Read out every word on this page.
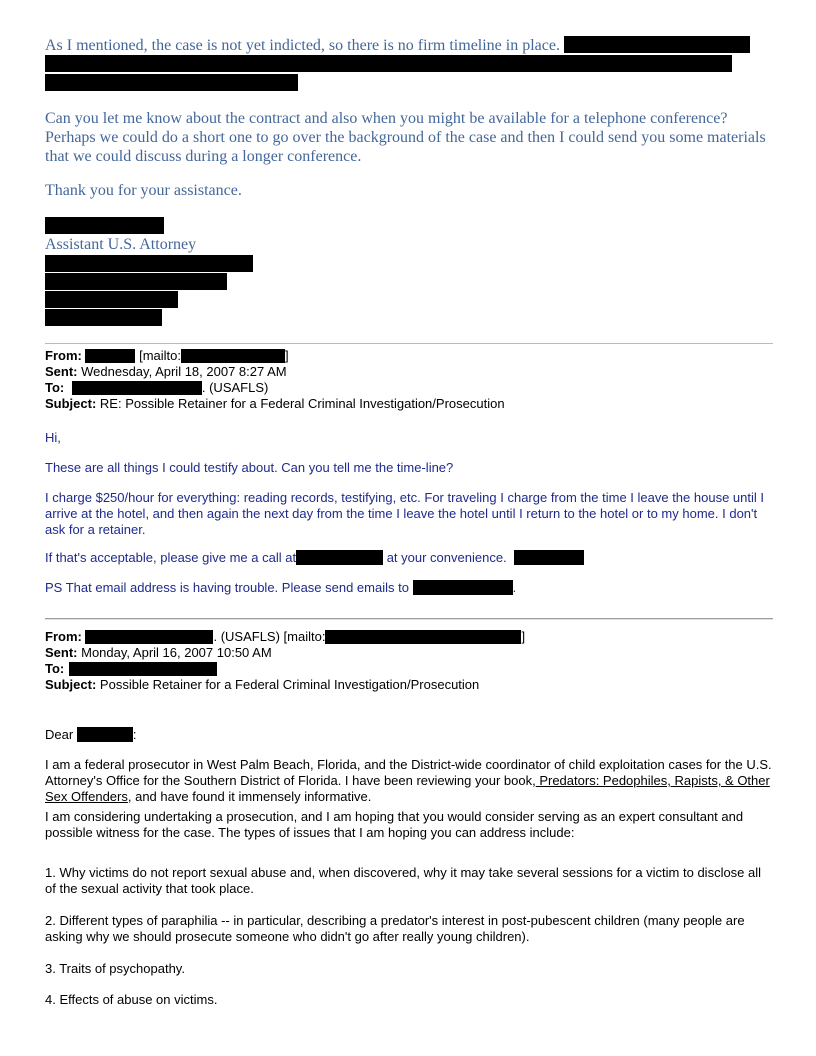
As I mentioned, the case is not yet indicted, so there is no firm timeline in place.

Can you let me know about the contract and also when you might be available for a telephone conference? Perhaps we could do a short one to go over the background of the case and then I could send you some materials that we could discuss during a longer conference.

Thank you for your assistance.

Assistant U.S. Attorney
From:	[mailto:	]
Sent: Wednesday, April 18, 2007 8:27 AM
To:	. (USAFLS)
Subject: RE: Possible Retainer for a Federal Criminal Investigation/Prosecution

Hi,

These are all things I could testify about. Can you tell me the time-line?

I charge $250/hour for everything: reading records, testifying, etc. For traveling I charge from the time I leave the house until I arrive at the hotel, and then again the next day from the time I leave the hotel until I return to the hotel or to my home. I don't ask for a retainer.

If that's acceptable, please give me a call at	at your convenience.

PS That email address is having trouble. Please send emails to	.

From:	. (USAFLS) [mailto:	]
Sent: Monday, April 16, 2007 10:50 AM
To:
Subject: Possible Retainer for a Federal Criminal Investigation/Prosecution

Dear	:

I am a federal prosecutor in West Palm Beach, Florida, and the District-wide coordinator of child exploitation cases for the U.S. Attorney's Office for the Southern District of Florida. I have been reviewing your book, Predators: Pedophiles, Rapists, & Other Sex Offenders, and have found it immensely informative.

I am considering undertaking a prosecution, and I am hoping that you would consider serving as an expert consultant and possible witness for the case. The types of issues that I am hoping you can address include:

1. Why victims do not report sexual abuse and, when discovered, why it may take several sessions for a victim to disclose all of the sexual activity that took place.

2. Different types of paraphilia -- in particular, describing a predator's interest in post-pubescent children (many people are asking why we should prosecute someone who didn't go after really young children).

3. Traits of psychopathy.

4. Effects of abuse on victims.
